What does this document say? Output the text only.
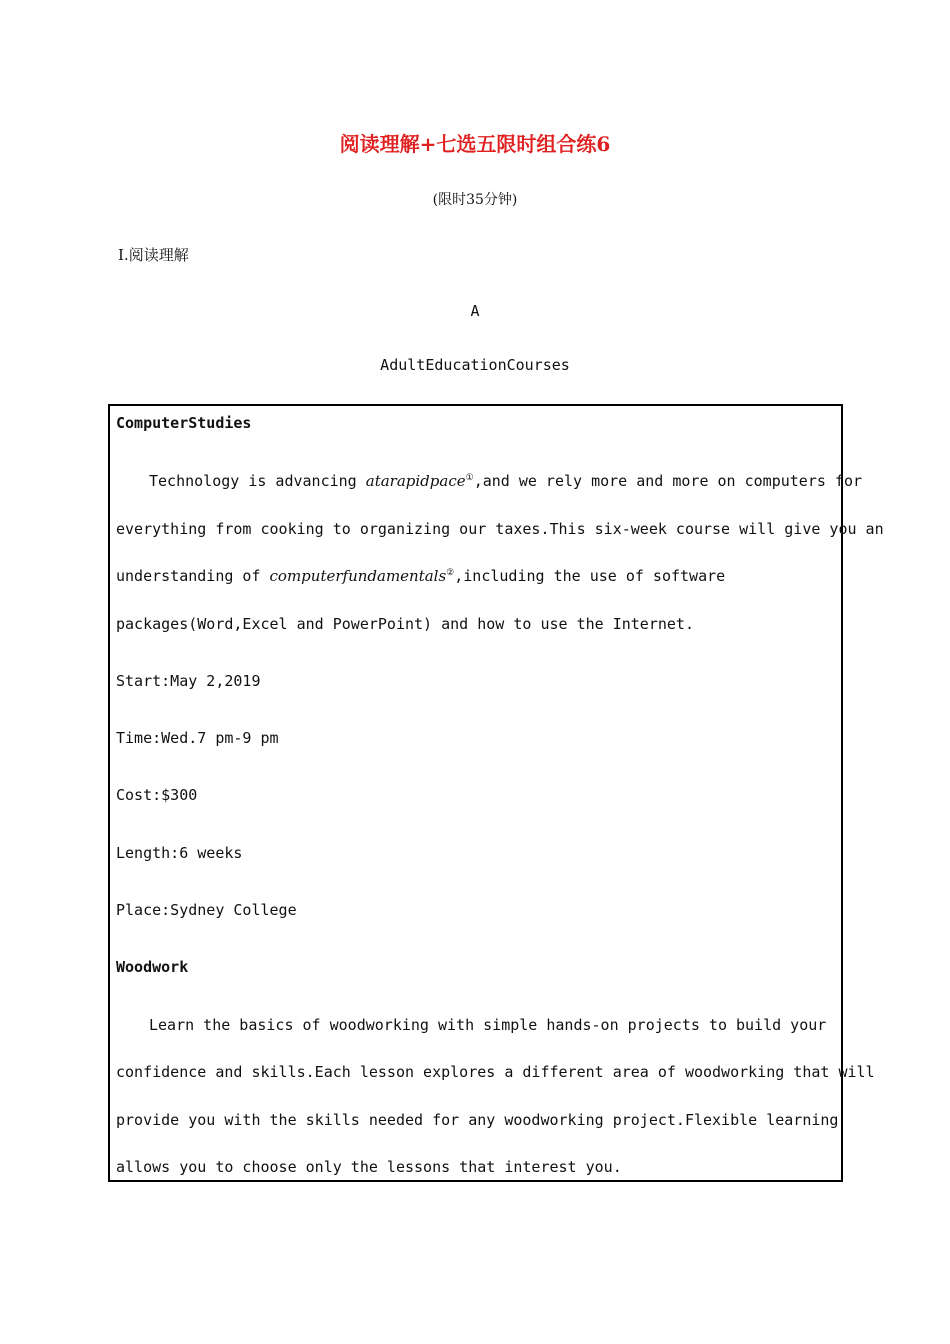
阅读理解+七选五限时组合练6
(限时35分钟)
Ⅰ.阅读理解
A
AdultEducationCourses
ComputerStudies
Technology is advancing atarapidpace①,and we rely more and more on computers for
everything from cooking to organizing our taxes.This six-week course will give you an
understanding of computerfundamentals②,including the use of software
packages(Word,Excel and PowerPoint) and how to use the Internet.
Start:May 2,2019
Time:Wed.7 pm-9 pm
Cost:$300
Length:6 weeks
Place:Sydney College
Woodwork
Learn the basics of woodworking with simple hands-on projects to build your
confidence and skills.Each lesson explores a different area of woodworking that will
provide you with the skills needed for any woodworking project.Flexible learning
allows you to choose only the lessons that interest you.
